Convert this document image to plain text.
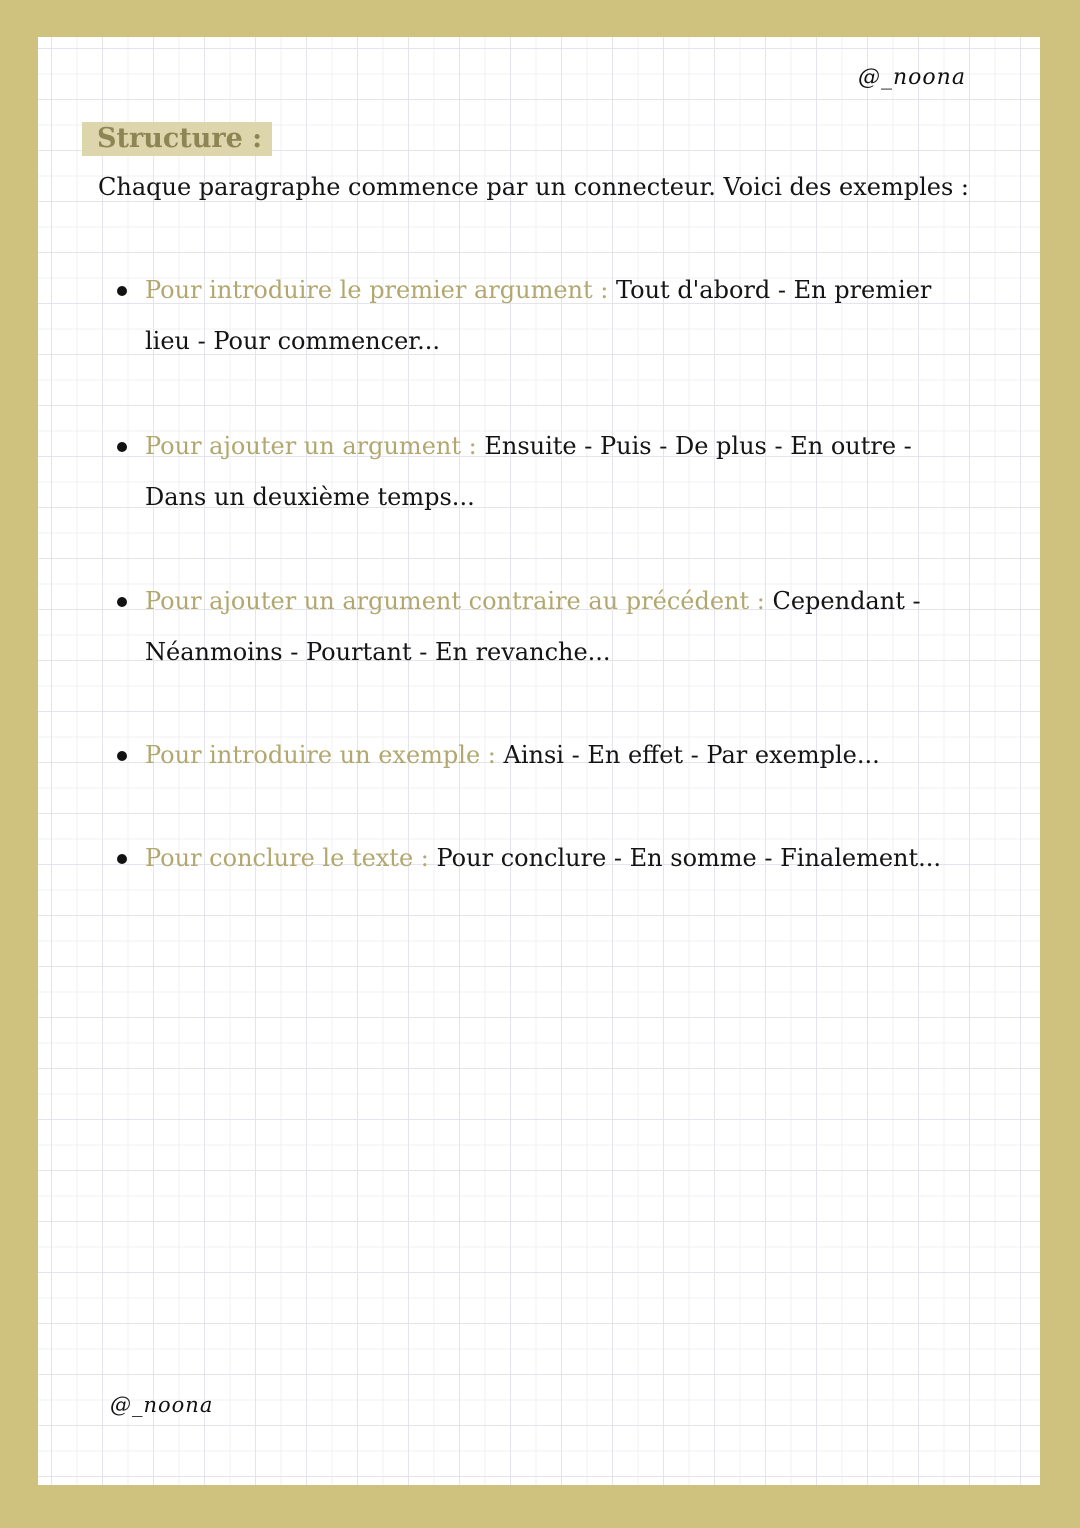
@_noona
Structure :
Chaque paragraphe commence par un connecteur. Voici des exemples :
Pour introduire le premier argument : Tout d'abord - En premier lieu - Pour commencer...
Pour ajouter un argument : Ensuite - Puis - De plus - En outre - Dans un deuxième temps...
Pour ajouter un argument contraire au précédent : Cependant - Néanmoins - Pourtant - En revanche...
Pour introduire un exemple : Ainsi - En effet - Par exemple...
Pour conclure le texte : Pour conclure - En somme - Finalement...
@_noona
